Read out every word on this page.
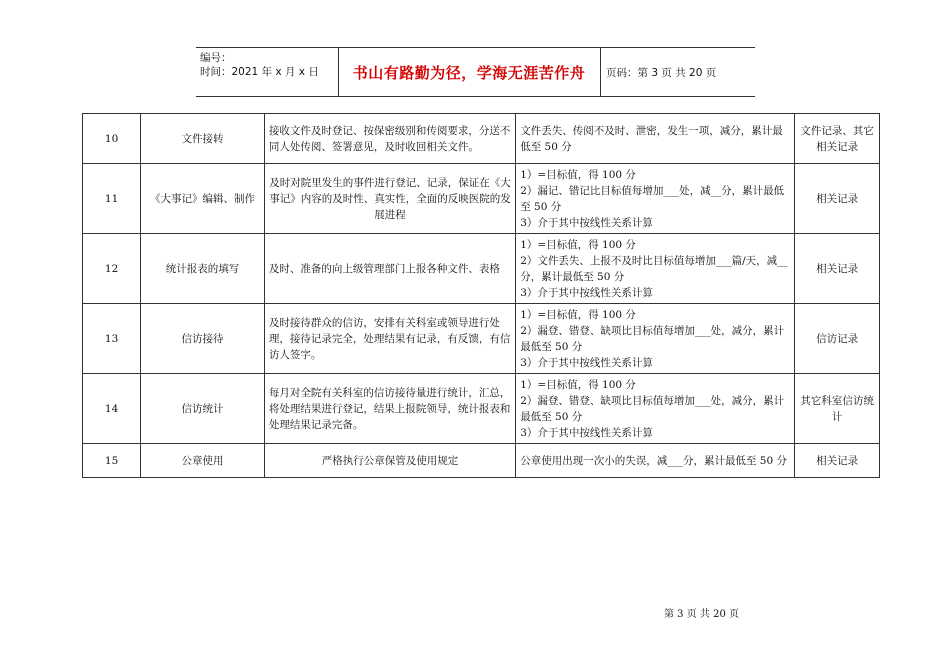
编号：
时间：2021 年 x 月 x 日	书山有路勤为径，学海无涯苦作舟	页码：第 3 页 共 20 页
10	文件接转	接收文件及时登记、按保密级别和传阅要求，分送不同人处传阅、签署意见，及时收回相关文件。	文件丢失、传阅不及时、泄密，发生一项，减分，累计最低至 50 分	文件记录、其它相关记录
11	《大事记》编辑、制作	及时对院里发生的事件进行登记、记录，保证在《大事记》内容的及时性、真实性，全面的反映医院的发展进程	1）=目标值，得 100 分
2）漏记、错记比目标值每增加___处，减__分，累计最低至 50 分
3）介于其中按线性关系计算	相关记录
12	统计报表的填写	及时、准备的向上级管理部门上报各种文件、表格	1）=目标值，得 100 分
2）文件丢失、上报不及时比目标值每增加___篇/天，减__分，累计最低至 50 分
3）介于其中按线性关系计算	相关记录
13	信访接待	及时接待群众的信访，安排有关科室或领导进行处理，接待记录完全，处理结果有记录，有反馈，有信访人签字。	1）=目标值，得 100 分
2）漏登、错登、缺项比目标值每增加___处，减分，累计最低至 50 分
3）介于其中按线性关系计算	信访记录
14	信访统计	每月对全院有关科室的信访接待量进行统计，汇总，将处理结果进行登记，结果上报院领导，统计报表和处理结果记录完备。	1）=目标值，得 100 分
2）漏登、错登、缺项比目标值每增加___处，减分，累计最低至 50 分
3）介于其中按线性关系计算	其它科室信访统计
15	公章使用	严格执行公章保管及使用规定	公章使用出现一次小的失误，减___分，累计最低至 50 分	相关记录
第 3 页 共 20 页
